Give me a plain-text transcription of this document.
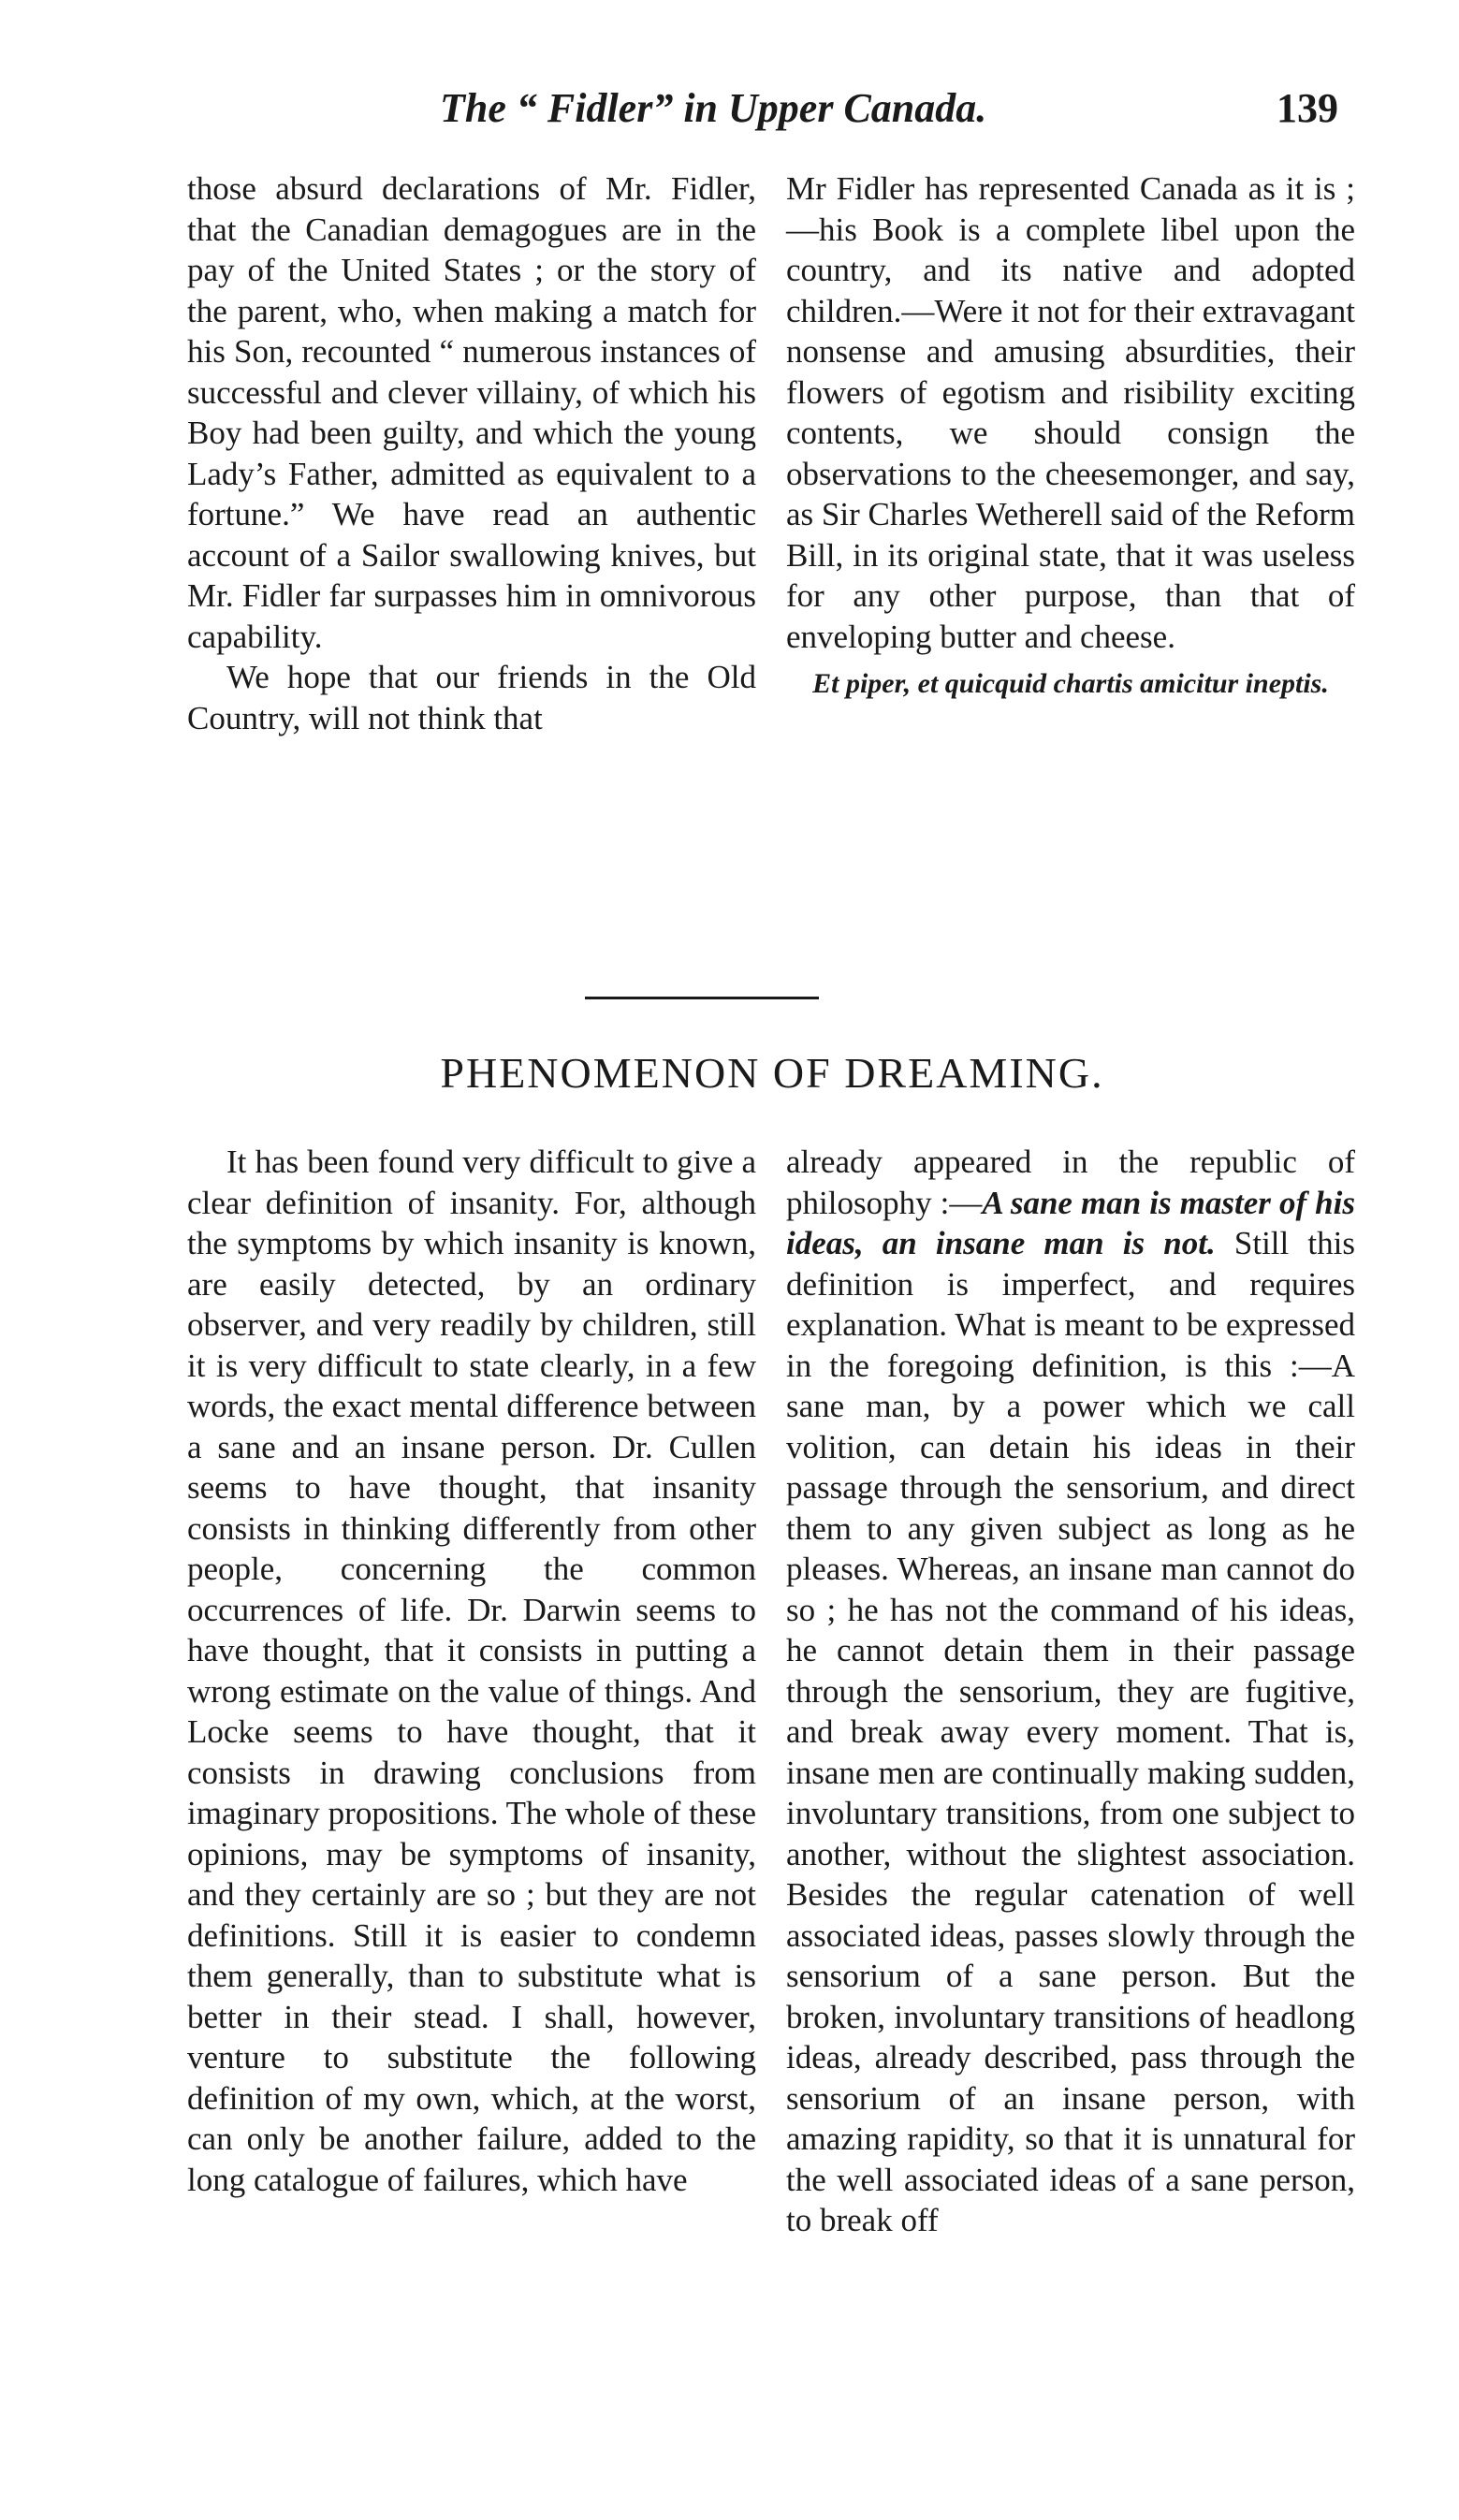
The “ Fidler” in Upper Canada.	139

those absurd declarations of Mr. Fidler, that the Canadian demagogues are in the pay of the United States ; or the story of the parent, who, when making a match for his Son, recounted “ numerous instances of successful and clever villainy, of which his Boy had been guilty, and which the young Lady’s Father, admitted as equivalent to a fortune.” We have read an authentic account of a Sailor swallowing knives, but Mr. Fidler far surpasses him in omnivorous capability.

We hope that our friends in the Old Country, will not think that

Mr Fidler has represented Canada as it is ;—his Book is a complete libel upon the country, and its native and adopted children.—Were it not for their extravagant nonsense and amusing absurdities, their flowers of egotism and risibility exciting contents, we should consign the observations to the cheesemonger, and say, as Sir Charles Wetherell said of the Reform Bill, in its original state, that it was useless for any other purpose, than that of enveloping butter and cheese.

Et piper, et quicquid chartis amicitur ineptis.

PHENOMENON OF DREAMING.

It has been found very difficult to give a clear definition of insanity. For, although the symptoms by which insanity is known, are easily detected, by an ordinary observer, and very readily by children, still it is very difficult to state clearly, in a few words, the exact mental difference between a sane and an insane person. Dr. Cullen seems to have thought, that insanity consists in thinking differently from other people, concerning the common occurrences of life. Dr. Darwin seems to have thought, that it consists in putting a wrong estimate on the value of things. And Locke seems to have thought, that it consists in drawing conclusions from imaginary propositions. The whole of these opinions, may be symptoms of insanity, and they certainly are so ; but they are not definitions. Still it is easier to condemn them generally, than to substitute what is better in their stead. I shall, however, venture to substitute the following definition of my own, which, at the worst, can only be another failure, added to the long catalogue of failures, which have

already appeared in the republic of philosophy :—A sane man is master of his ideas, an insane man is not. Still this definition is imperfect, and requires explanation. What is meant to be expressed in the foregoing definition, is this :—A sane man, by a power which we call volition, can detain his ideas in their passage through the sensorium, and direct them to any given subject as long as he pleases. Whereas, an insane man cannot do so ; he has not the command of his ideas, he cannot detain them in their passage through the sensorium, they are fugitive, and break away every moment. That is, insane men are continually making sudden, involuntary transitions, from one subject to another, without the slightest association. Besides the regular catenation of well associated ideas, passes slowly through the sensorium of a sane person. But the broken, involuntary transitions of headlong ideas, already described, pass through the sensorium of an insane person, with amazing rapidity, so that it is unnatural for the well associated ideas of a sane person, to break off
